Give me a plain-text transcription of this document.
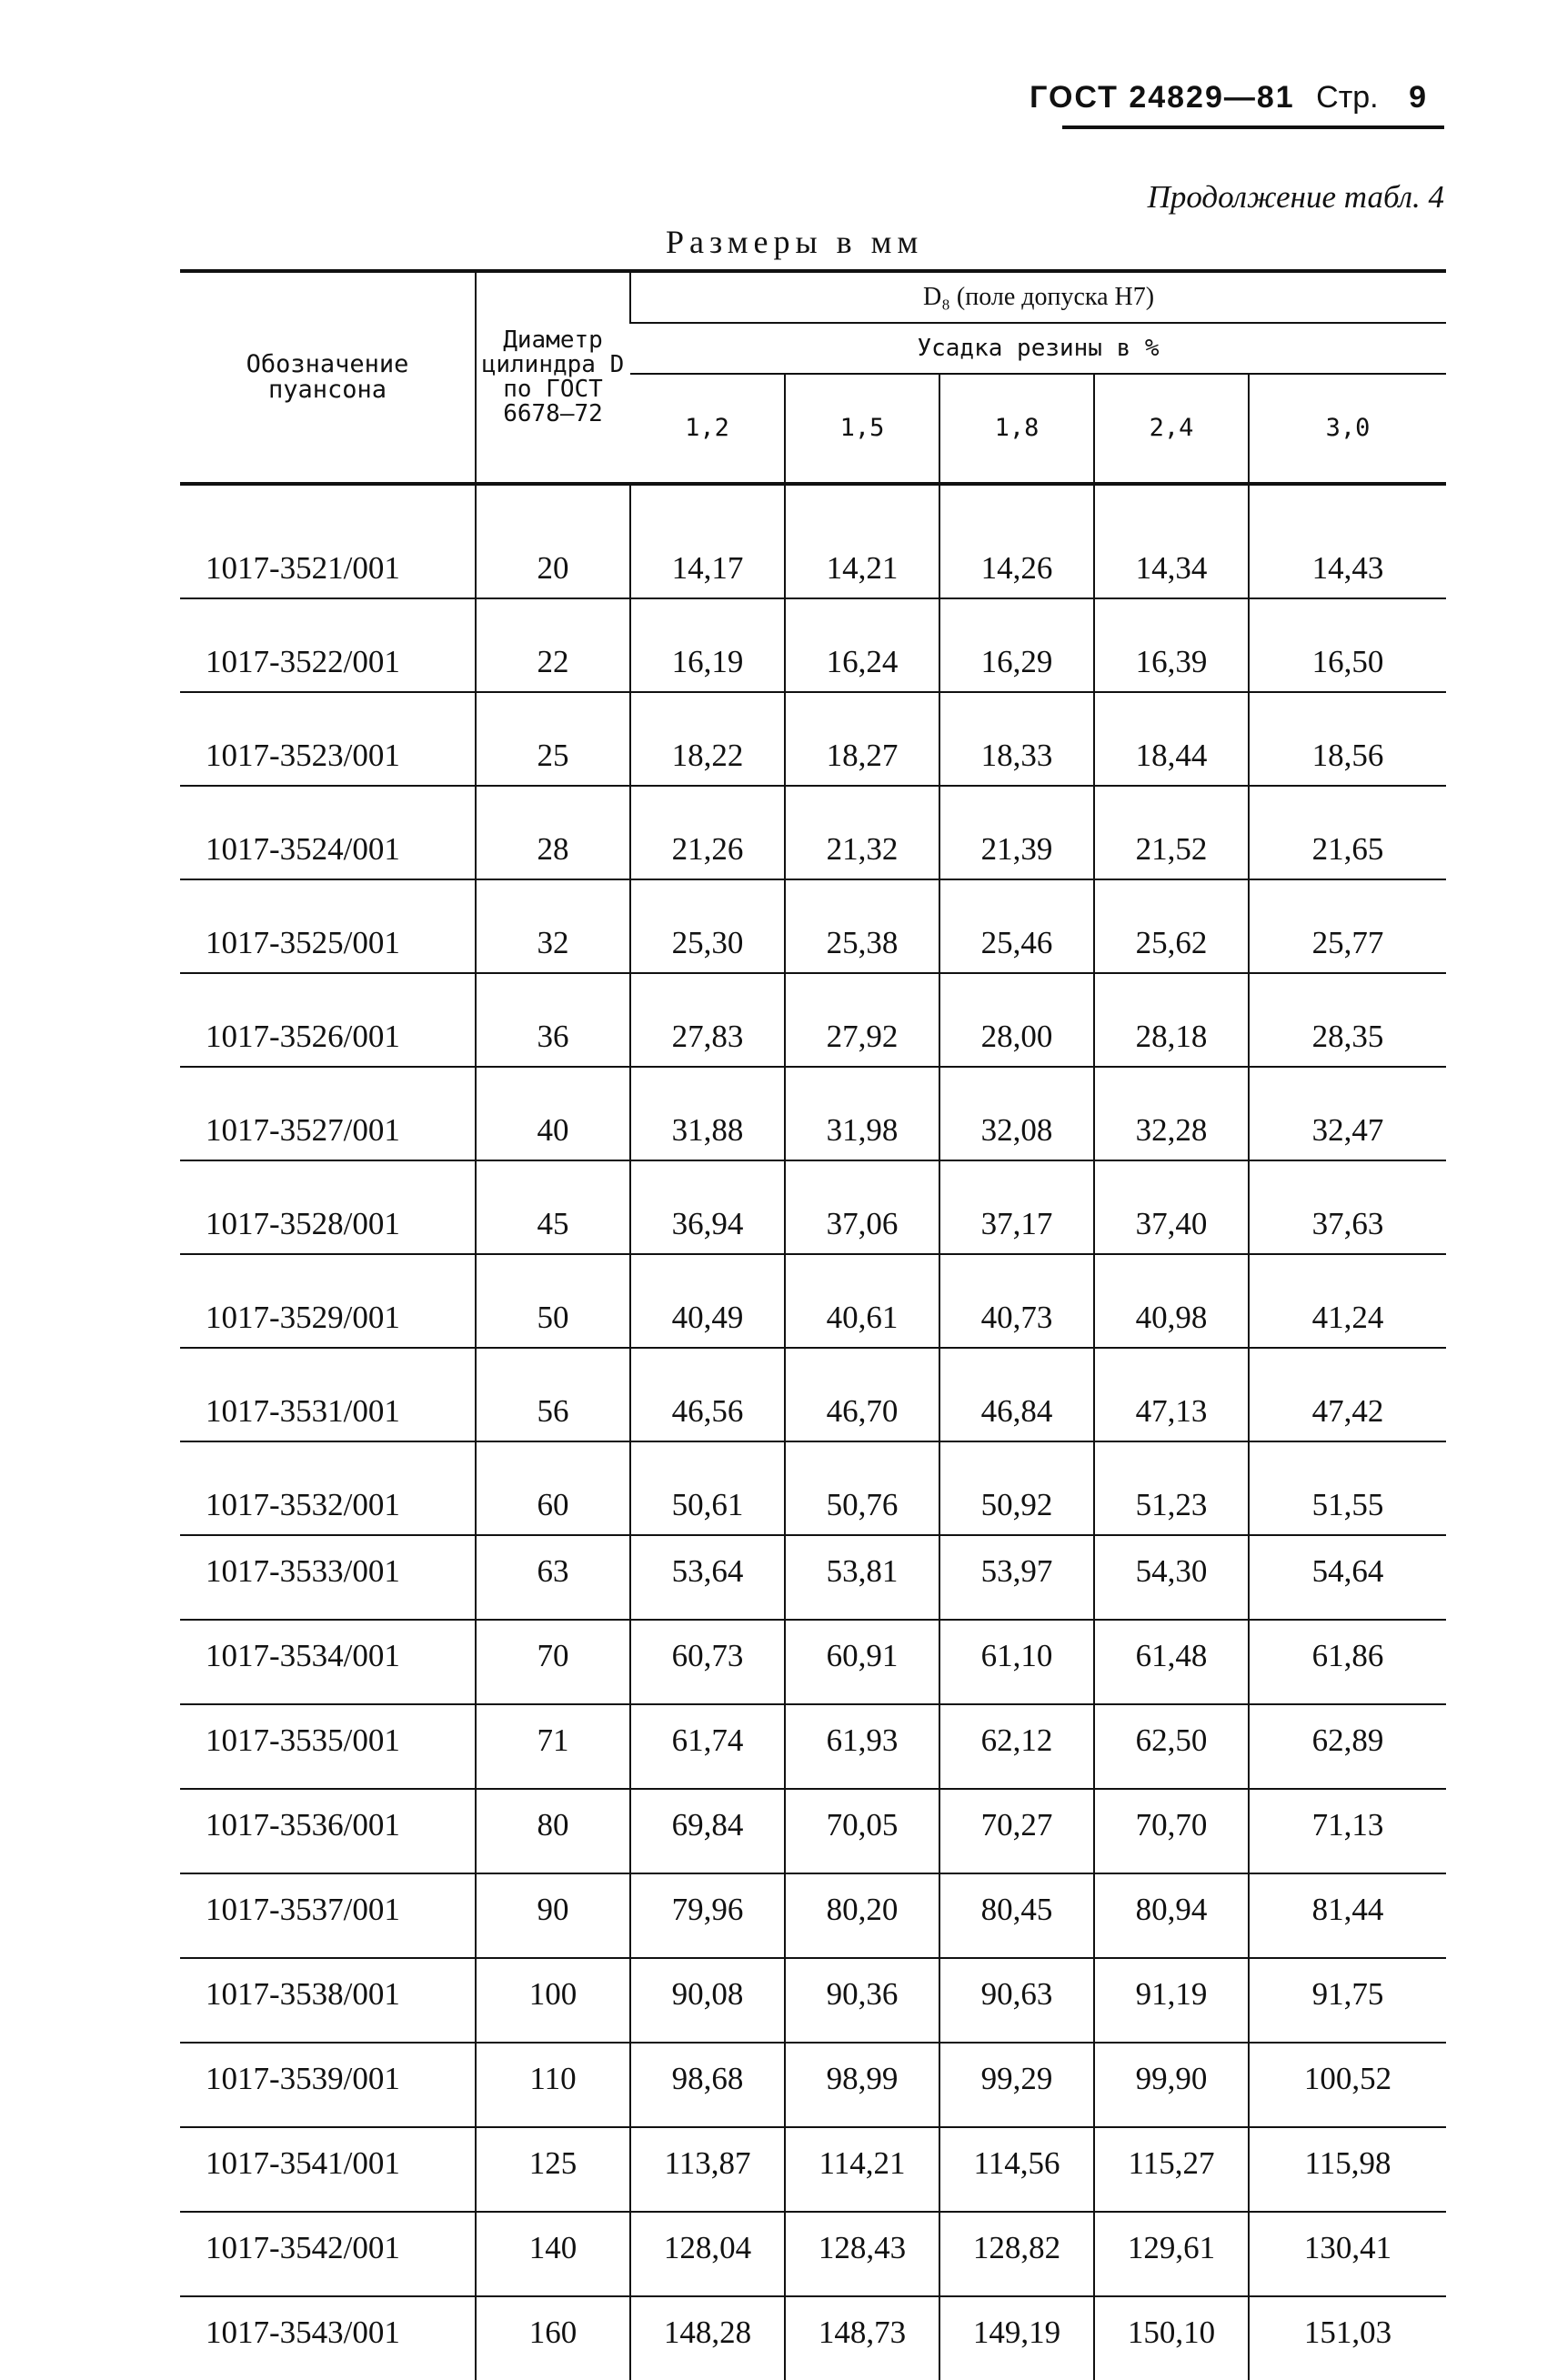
ГОСТ 24829—81 Стр. 9
Продолжение табл. 4
Размеры в мм
Обозначение пуансона	Диаметр цилиндра D по ГОСТ 6678—72	D₈ (поле допуска H7)				
		Усадка резины в %				
		1,2	1,5	1,8	2,4	3,0
1017-3521/001	20	14,17	14,21	14,26	14,34	14,43
1017-3522/001	22	16,19	16,24	16,29	16,39	16,50
1017-3523/001	25	18,22	18,27	18,33	18,44	18,56
1017-3524/001	28	21,26	21,32	21,39	21,52	21,65
1017-3525/001	32	25,30	25,38	25,46	25,62	25,77
1017-3526/001	36	27,83	27,92	28,00	28,18	28,35
1017-3527/001	40	31,88	31,98	32,08	32,28	32,47
1017-3528/001	45	36,94	37,06	37,17	37,40	37,63
1017-3529/001	50	40,49	40,61	40,73	40,98	41,24
1017-3531/001	56	46,56	46,70	46,84	47,13	47,42
1017-3532/001	60	50,61	50,76	50,92	51,23	51,55
1017-3533/001	63	53,64	53,81	53,97	54,30	54,64
1017-3534/001	70	60,73	60,91	61,10	61,48	61,86
1017-3535/001	71	61,74	61,93	62,12	62,50	62,89
1017-3536/001	80	69,84	70,05	70,27	70,70	71,13
1017-3537/001	90	79,96	80,20	80,45	80,94	81,44
1017-3538/001	100	90,08	90,36	90,63	91,19	91,75
1017-3539/001	110	98,68	98,99	99,29	99,90	100,52
1017-3541/001	125	113,87	114,21	114,56	115,27	115,98
1017-3542/001	140	128,04	128,43	128,82	129,61	130,41
1017-3543/001	160	148,28	148,73	149,19	150,10	151,03
